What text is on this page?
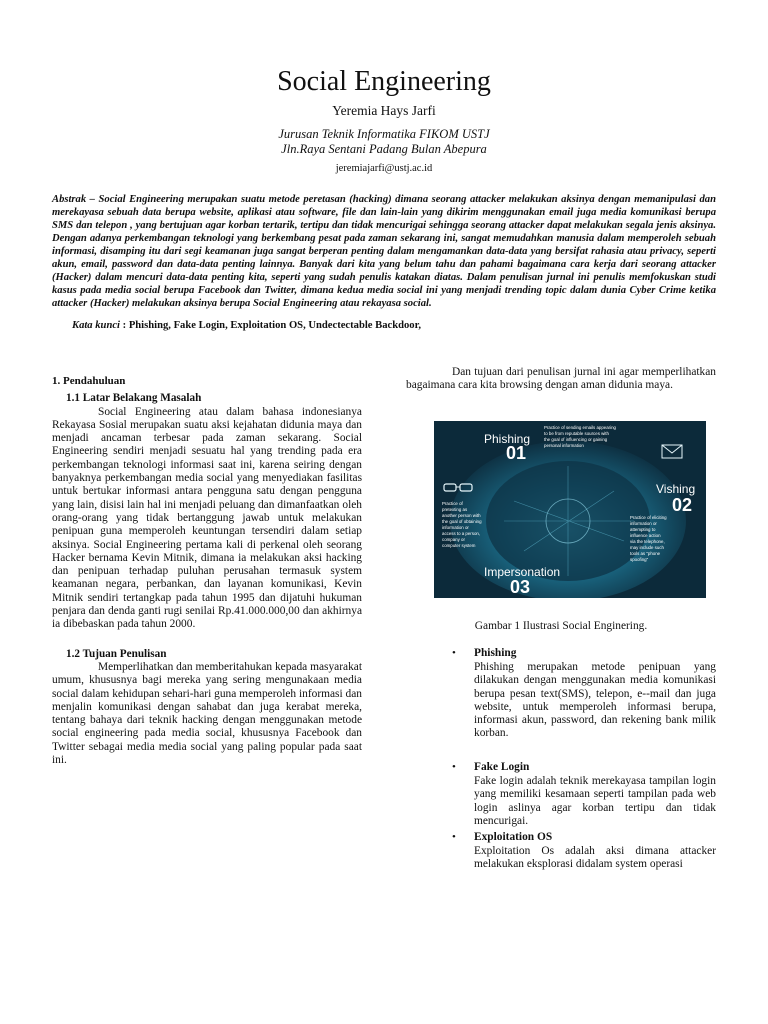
Social Engineering
Yeremia Hays Jarfi
Jurusan Teknik Informatika FIKOM USTJ
Jln.Raya Sentani Padang Bulan Abepura
jeremiajarfi@ustj.ac.id

Abstrak – Social Engineering merupakan suatu metode peretasan (hacking) dimana seorang attacker melakukan aksinya dengan memanipulasi dan merekayasa sebuah data berupa website, aplikasi atau software, file dan lain-lain yang dikirim menggunakan email juga media komunikasi berupa SMS dan telepon , yang bertujuan agar korban tertarik, tertipu dan tidak mencurigai sehingga seorang attacker dapat melakukan segala jenis aksinya. Dengan adanya perkembangan teknologi yang berkembang pesat pada zaman sekarang ini, sangat memudahkan manusia dalam memperoleh sebuah informasi, disamping itu dari segi keamanan juga sangat berperan penting dalam mengamankan data-data yang bersifat rahasia atau privacy, seperti akun, email, password dan data-data penting lainnya. Banyak dari kita yang belum tahu dan pahami bagaimana cara kerja dari seorang attacker (Hacker) dalam mencuri data-data penting kita, seperti yang sudah penulis katakan diatas. Dalam penulisan jurnal ini penulis memfokuskan studi kasus pada media social berupa Facebook dan Twitter, dimana kedua media social ini yang menjadi trending topic dalam dunia Cyber Crime ketika attacker (Hacker) melakukan aksinya berupa Social Engineering atau rekayasa social.

Kata kunci : Phishing, Fake Login, Exploitation OS, Undectectable Backdoor,

1. Pendahuluan
1.1 Latar Belakang Masalah

Social Engineering atau dalam bahasa indonesianya Rekayasa Sosial merupakan suatu aksi kejahatan didunia maya dan menjadi ancaman terbesar pada zaman sekarang. Social Engineering sendiri menjadi sesuatu hal yang trending pada era perkembangan teknologi informasi saat ini, karena seiring dengan banyaknya perkembangan media social yang menyediakan fasilitas untuk bertukar informasi antara pengguna satu dengan pengguna yang lain, disisi lain hal ini menjadi peluang dan dimanfaatkan oleh orang-orang yang tidak bertanggung jawab untuk melakukan penipuan guna memperoleh keuntungan tersendiri dalam setiap aksinya. Social Engineering pertama kali di perkenal oleh seorang Hacker bernama Kevin Mitnik, dimana ia melakukan aksi hacking dan penipuan terhadap puluhan perusahan termasuk system keamanan negara, perbankan, dan layanan komunikasi, Kevin Mitnik sendiri tertangkap pada tahun 1995 dan dijatuhi hukuman penjara dan denda ganti rugi senilai Rp.41.000.000,00 dan akhirnya ia dibebaskan pada tahun 2000.

1.2 Tujuan Penulisan

Memperlihatkan dan memberitahukan kepada masyarakat umum, khususnya bagi mereka yang sering mengunakaan media social dalam kehidupan sehari-hari guna memperoleh informasi dan menjalin komunikasi dengan sahabat dan juga kerabat mereka, tentang bahaya dari teknik hacking dengan menggunakan metode social engineering pada media social, khususnya Facebook dan Twitter sebagai media media social yang paling popular pada saat ini.

Dan tujuan dari penulisan jurnal ini agar memperlihatkan bagaimana cara kita browsing dengan aman didunia maya.

Phishing
01
Practice of sending emails appearing
to be from reputable sources with
the goal of influencing or gaining
personal information
Practice of
pretexting as
another person with
the goal of obtaining
information or
access to a person,
company or
computer system
Impersonation
03
Vishing
02
Practice of eliciting
information or
attempting to
influence action
via the telephone,
may include such
tools as "phone
spoofing"
Gambar 1 Ilustrasi Social Enginering.
• Phishing
Phishing merupakan metode penipuan yang dilakukan dengan menggunakan media komunikasi berupa pesan text(SMS), telepon, e--mail dan juga website, untuk memperoleh informasi berupa, informasi akun, password, dan rekening bank milik korban.
• Fake Login
Fake login adalah teknik merekayasa tampilan login yang memiliki kesamaan seperti tampilan pada web login aslinya agar korban tertipu dan tidak mencurigai.
• Exploitation OS
Exploitation Os adalah aksi dimana attacker melakukan eksplorasi didalam system operasi
